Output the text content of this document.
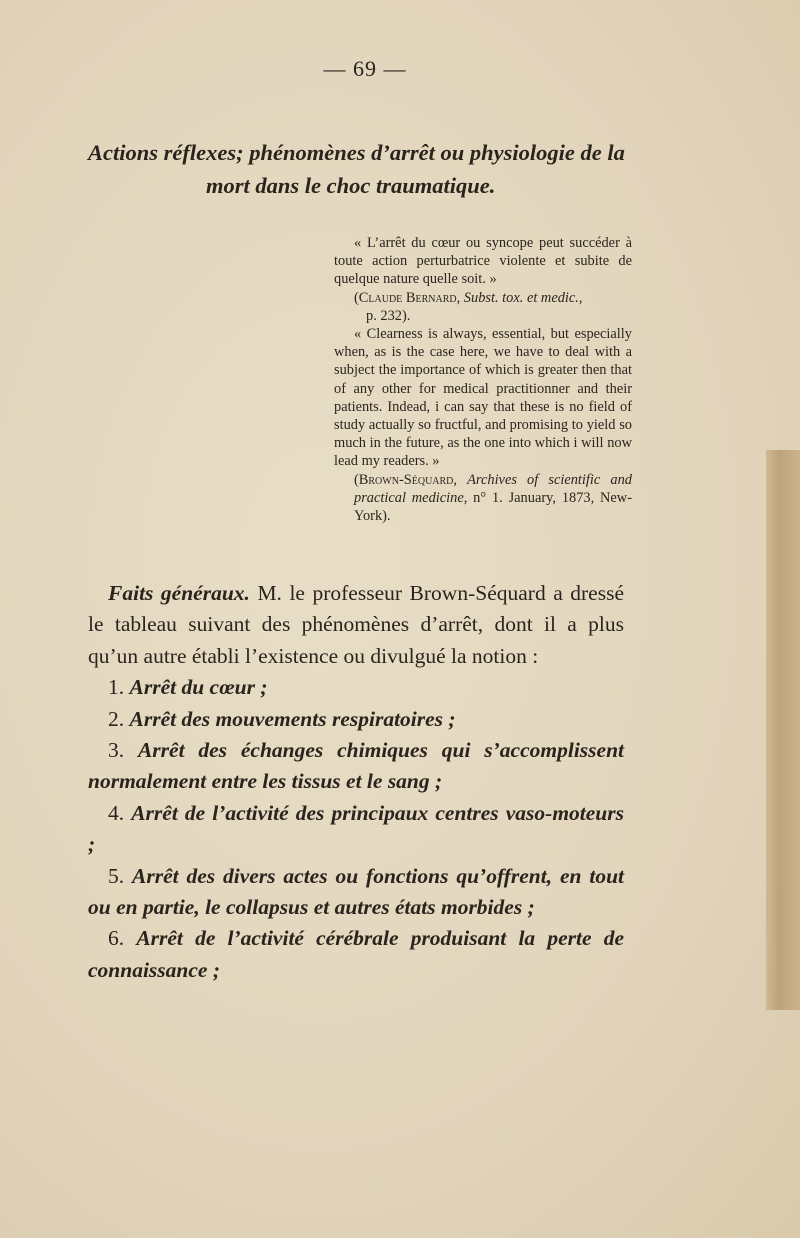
— 69 —
Actions réflexes; phénomènes d’arrêt ou physiologie de la
mort dans le choc traumatique.

« L’arrêt du cœur ou syncope peut succéder à toute action perturbatrice violente et subite de quelque nature quelle soit. »

(Claude Bernard, Subst. tox. et medic.,
p. 232).

« Clearness is always, essential, but especially when, as is the case here, we have to deal with a subject the importance of which is greater then that of any other for medical practitionner and their patients. Indead, i can say that these is no field of study actually so fructful, and promising to yield so much in the future, as the one into which i will now lead my readers. »

(Brown-Séquard, Archives of scientific and practical medicine, n° 1. January, 1873, New-York).

Faits généraux. M. le professeur Brown-Séquard a dressé le tableau suivant des phénomènes d’arrêt, dont il a plus qu’un autre établi l’existence ou divulgué la notion :

1. Arrêt du cœur ;

2. Arrêt des mouvements respiratoires ;

3. Arrêt des échanges chimiques qui s’accomplissent normalement entre les tissus et le sang ;

4. Arrêt de l’activité des principaux centres vaso-moteurs ;

5. Arrêt des divers actes ou fonctions qu’offrent, en tout ou en partie, le collapsus et autres états morbides ;

6. Arrêt de l’activité cérébrale produisant la perte de connaissance ;
